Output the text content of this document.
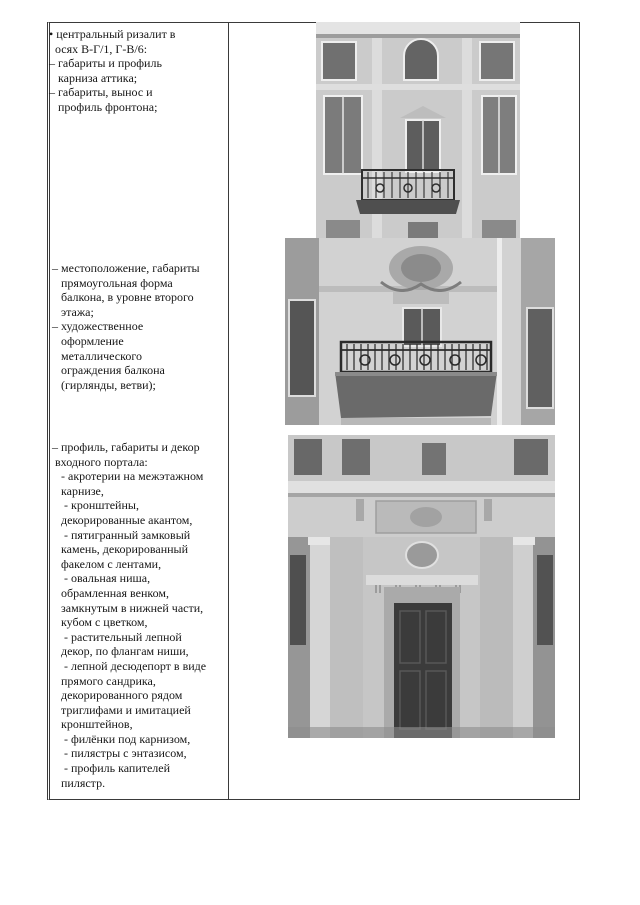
• центральный ризалит в
осях В-Г/1, Г-В/6:
– габариты и профиль
карниза аттика;
– габариты, вынос и
профиль фронтона;

– местоположение, габариты
прямоугольная форма
балкона, в уровне второго
этажа;
– художественное
оформление
металлического
ограждения балкона
(гирлянды, ветви);

– профиль, габариты и декор
входного портала:
- акротерии на межэтажном
карнизе,
- кронштейны,
декорированные акантом,
- пятигранный замковый
камень, декорированный
факелом с лентами,
- овальная ниша,
обрамленная венком,
замкнутым в нижней части,
кубом с цветком,
- растительный лепной
декор, по флангам ниши,
- лепной десюдепорт в виде
прямого сандрика,
декорированного рядом
триглифами и имитацией
кронштейнов,
- филёнки под карнизом,
- пилястры с энтазисом,
- профиль капителей
пилястр.
